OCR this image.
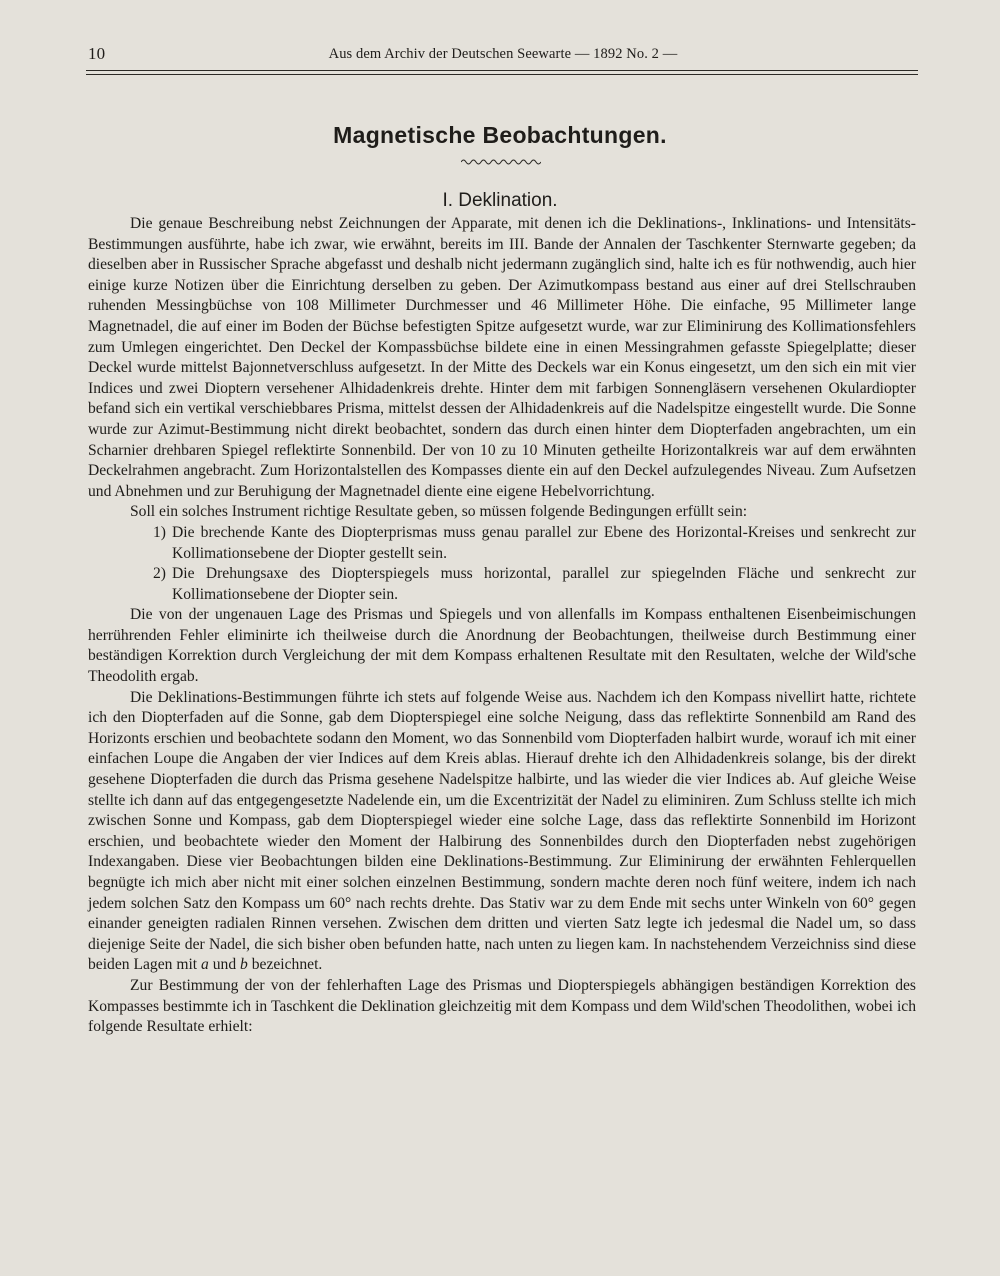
10	Aus dem Archiv der Deutschen Seewarte — 1892 No. 2 —
Magnetische Beobachtungen.
I. Deklination.

Die genaue Beschreibung nebst Zeichnungen der Apparate, mit denen ich die Deklinations-, Inklinations- und Intensitäts-Bestimmungen ausführte, habe ich zwar, wie erwähnt, bereits im III. Bande der Annalen der Taschkenter Sternwarte gegeben; da dieselben aber in Russischer Sprache abgefasst und deshalb nicht jedermann zugänglich sind, halte ich es für nothwendig, auch hier einige kurze Notizen über die Einrichtung derselben zu geben. Der Azimutkompass bestand aus einer auf drei Stellschrauben ruhenden Messingbüchse von 108 Millimeter Durchmesser und 46 Millimeter Höhe. Die einfache, 95 Millimeter lange Magnetnadel, die auf einer im Boden der Büchse befestigten Spitze aufgesetzt wurde, war zur Eliminirung des Kollimationsfehlers zum Umlegen eingerichtet. Den Deckel der Kompassbüchse bildete eine in einen Messingrahmen gefasste Spiegelplatte; dieser Deckel wurde mittelst Bajonnetverschluss aufgesetzt. In der Mitte des Deckels war ein Konus eingesetzt, um den sich ein mit vier Indices und zwei Dioptern versehener Alhidadenkreis drehte. Hinter dem mit farbigen Sonnengläsern versehenen Okulardiopter befand sich ein vertikal verschiebbares Prisma, mittelst dessen der Alhidadenkreis auf die Nadelspitze eingestellt wurde. Die Sonne wurde zur Azimut-Bestimmung nicht direkt beobachtet, sondern das durch einen hinter dem Diopterfaden angebrachten, um ein Scharnier drehbaren Spiegel reflektirte Sonnenbild. Der von 10 zu 10 Minuten getheilte Horizontalkreis war auf dem erwähnten Deckelrahmen angebracht. Zum Horizontalstellen des Kompasses diente ein auf den Deckel aufzulegendes Niveau. Zum Aufsetzen und Abnehmen und zur Beruhigung der Magnetnadel diente eine eigene Hebelvorrichtung.

Soll ein solches Instrument richtige Resultate geben, so müssen folgende Bedingungen erfüllt sein:

1) Die brechende Kante des Diopterprismas muss genau parallel zur Ebene des Horizontal-Kreises und senkrecht zur Kollimationsebene der Diopter gestellt sein.
2) Die Drehungsaxe des Diopterspiegels muss horizontal, parallel zur spiegelnden Fläche und senkrecht zur Kollimationsebene der Diopter sein.

Die von der ungenauen Lage des Prismas und Spiegels und von allenfalls im Kompass enthaltenen Eisenbeimischungen herrührenden Fehler eliminirte ich theilweise durch die Anordnung der Beobachtungen, theilweise durch Bestimmung einer beständigen Korrektion durch Vergleichung der mit dem Kompass erhaltenen Resultate mit den Resultaten, welche der Wild'sche Theodolith ergab.

Die Deklinations-Bestimmungen führte ich stets auf folgende Weise aus. Nachdem ich den Kompass nivellirt hatte, richtete ich den Diopterfaden auf die Sonne, gab dem Diopterspiegel eine solche Neigung, dass das reflektirte Sonnenbild am Rand des Horizonts erschien und beobachtete sodann den Moment, wo das Sonnenbild vom Diopterfaden halbirt wurde, worauf ich mit einer einfachen Loupe die Angaben der vier Indices auf dem Kreis ablas. Hierauf drehte ich den Alhidadenkreis solange, bis der direkt gesehene Diopterfaden die durch das Prisma gesehene Nadelspitze halbirte, und las wieder die vier Indices ab. Auf gleiche Weise stellte ich dann auf das entgegengesetzte Nadelende ein, um die Excentrizität der Nadel zu eliminiren. Zum Schluss stellte ich mich zwischen Sonne und Kompass, gab dem Diopterspiegel wieder eine solche Lage, dass das reflektirte Sonnenbild im Horizont erschien, und beobachtete wieder den Moment der Halbirung des Sonnenbildes durch den Diopterfaden nebst zugehörigen Indexangaben. Diese vier Beobachtungen bilden eine Deklinations-Bestimmung. Zur Eliminirung der erwähnten Fehlerquellen begnügte ich mich aber nicht mit einer solchen einzelnen Bestimmung, sondern machte deren noch fünf weitere, indem ich nach jedem solchen Satz den Kompass um 60° nach rechts drehte. Das Stativ war zu dem Ende mit sechs unter Winkeln von 60° gegen einander geneigten radialen Rinnen versehen. Zwischen dem dritten und vierten Satz legte ich jedesmal die Nadel um, so dass diejenige Seite der Nadel, die sich bisher oben befunden hatte, nach unten zu liegen kam. In nachstehendem Verzeichniss sind diese beiden Lagen mit a und b bezeichnet.

Zur Bestimmung der von der fehlerhaften Lage des Prismas und Diopterspiegels abhängigen beständigen Korrektion des Kompasses bestimmte ich in Taschkent die Deklination gleichzeitig mit dem Kompass und dem Wild'schen Theodolithen, wobei ich folgende Resultate erhielt:
